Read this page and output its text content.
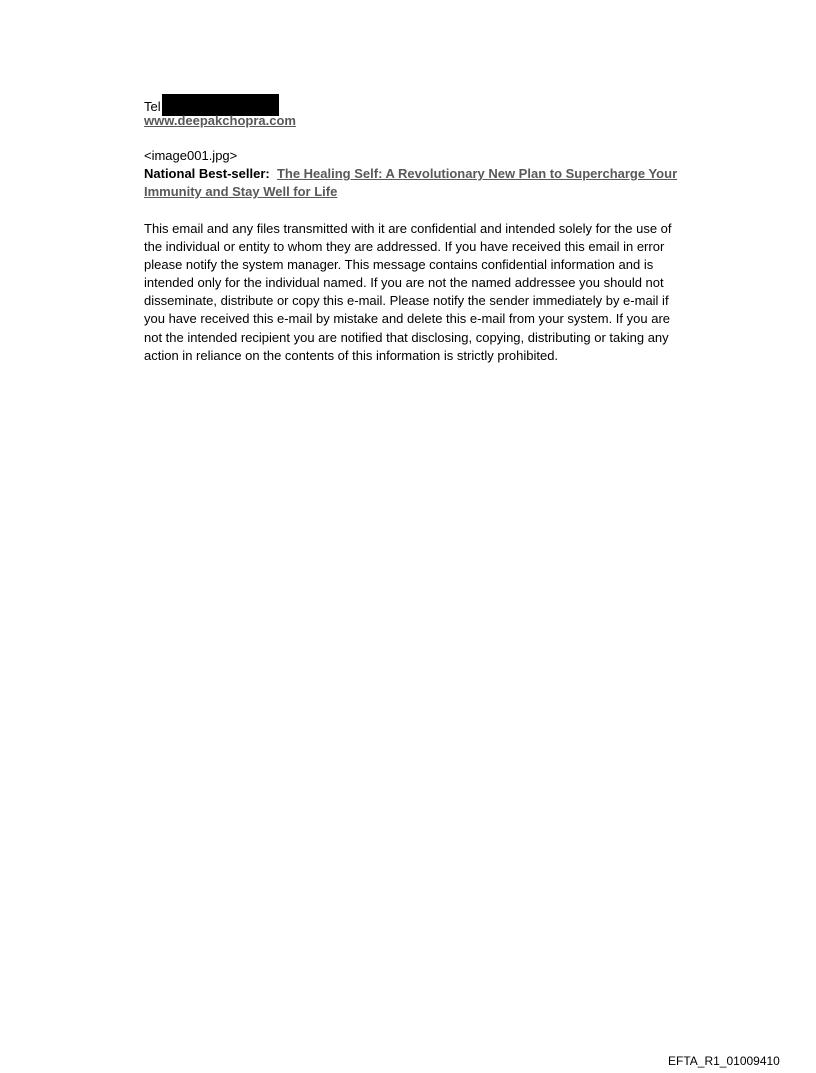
Tel
www.deepakchopra.com
<image001.jpg>
National Best-seller: The Healing Self: A Revolutionary New Plan to Supercharge Your Immunity and Stay Well for Life
This email and any files transmitted with it are confidential and intended solely for the use of the individual or entity to whom they are addressed. If you have received this email in error please notify the system manager. This message contains confidential information and is intended only for the individual named. If you are not the named addressee you should not disseminate, distribute or copy this e-mail. Please notify the sender immediately by e-mail if you have received this e-mail by mistake and delete this e-mail from your system. If you are not the intended recipient you are notified that disclosing, copying, distributing or taking any action in reliance on the contents of this information is strictly prohibited.
EFTA_R1_01009410
